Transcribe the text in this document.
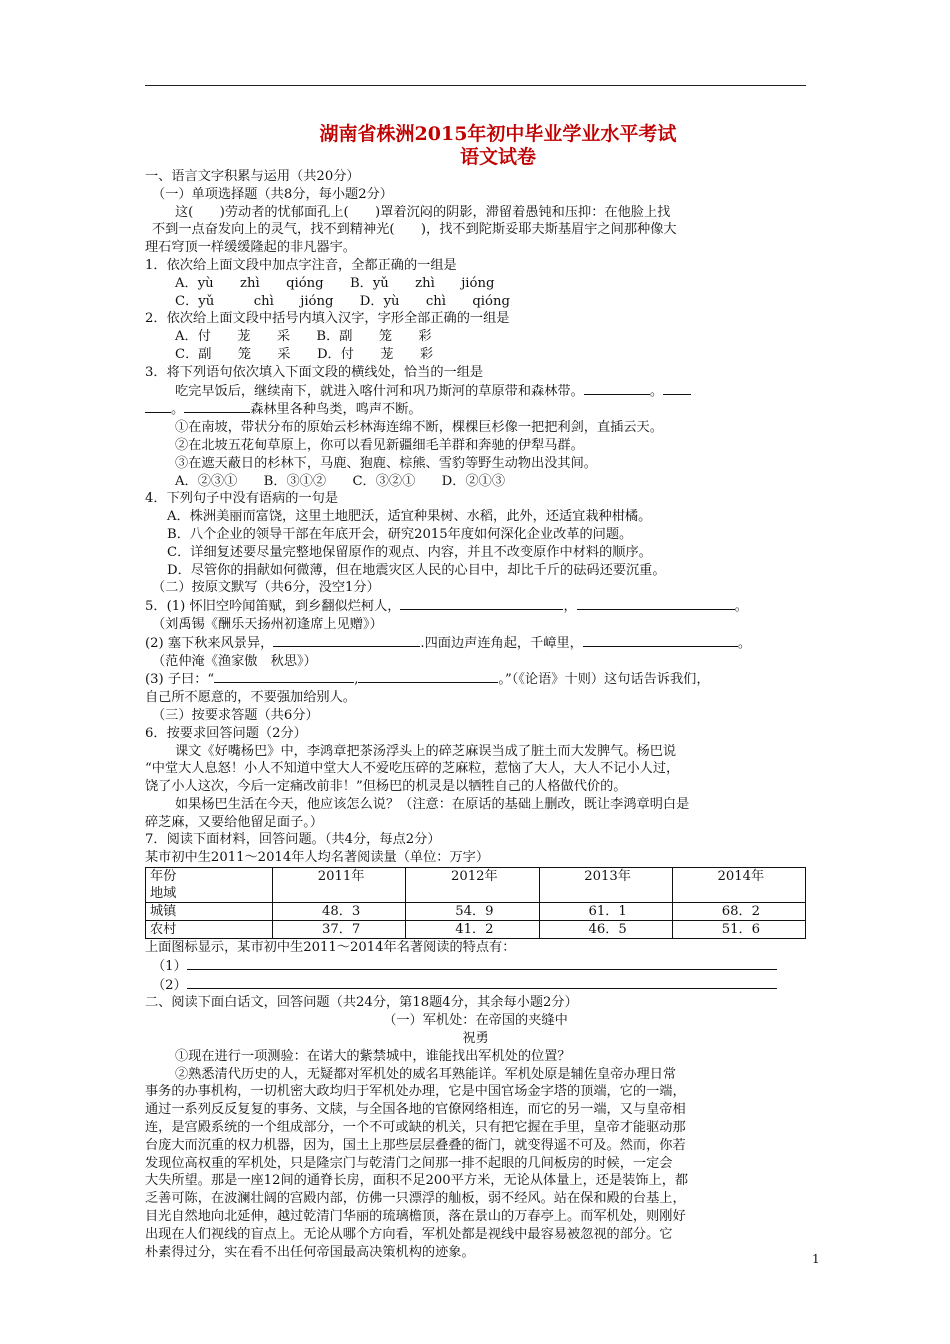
湖南省株洲2015年初中毕业学业水平考试
语文试卷
一、语言文字积累与运用（共20分）
（一）单项选择题（共8分，每小题2分）
这(　　)劳动者的忧郁面孔上(　　)罩着沉闷的阴影，滞留着愚钝和压抑：在他脸上找
不到一点奋发向上的灵气，找不到精神光(　　)，找不到陀斯妥耶夫斯基眉宇之间那种像大
理石穹顶一样缓缓隆起的非凡器宇。
1．依次给上面文段中加点字注音，全都正确的一组是
A．yù　　zhì　　qióng　　B．yǔ　　zhì　　jióng
C．yǔ　　　chì　　jióng　　D．yù　　chì　　qióng
2．依次给上面文段中括号内填入汉字，字形全部正确的一组是
A．付　　茏　　采　　B．副　　笼　　彩
C．副　　笼　　采　　D．付　　茏　　彩
3．将下列语句依次填入下面文段的横线处，恰当的一组是
吃完早饭后，继续南下，就进入喀什河和巩乃斯河的草原带和森林带。	。
。	森林里各种鸟类，鸣声不断。
①在南坡，带状分布的原始云杉林海连绵不断，棵棵巨杉像一把把利剑，直插云天。
②在北坡五花甸草原上，你可以看见新疆细毛羊群和奔驰的伊犁马群。
③在遮天蔽日的杉林下，马鹿、狍鹿、棕熊、雪豹等野生动物出没其间。
A．②③①　　B．③①②　　C．③②①　　D．②①③
4．下列句子中没有语病的一句是
A．株洲美丽而富饶，这里土地肥沃，适宜种果树、水稻，此外，还适宜栽种柑橘。
B．八个企业的领导干部在年底开会，研究2015年度如何深化企业改革的问题。
C．详细复述要尽量完整地保留原作的观点、内容，并且不改变原作中材料的顺序。
D．尽管你的捐献如何微薄，但在地震灾区人民的心目中，却比千斤的砝码还要沉重。
（二）按原文默写（共6分，没空1分）
5．(1) 怀旧空吟闻笛赋，到乡翻似烂柯人，	，	。
（刘禹锡《酬乐天扬州初逢席上见赠》）
(2) 塞下秋来风景异，	.四面边声连角起，千嶂里，	。
（范仲淹《渔家傲　秋思》）
(3) 子曰：“	,	。”（《论语》十则）这句话告诉我们，
自己所不愿意的，不要强加给别人。
（三）按要求答题（共6分）
6．按要求回答问题（2分）
课文《好嘴杨巴》中，李鸿章把茶汤浮头上的碎芝麻误当成了脏土而大发脾气。杨巴说
“中堂大人息怒！小人不知道中堂大人不爱吃压碎的芝麻粒，惹恼了大人，大人不记小人过，
饶了小人这次，今后一定痛改前非！”但杨巴的机灵是以牺牲自己的人格做代价的。
如果杨巴生活在今天，他应该怎么说？（注意：在原话的基础上删改，既让李鸿章明白是
碎芝麻，又要给他留足面子。）
7．阅读下面材料，回答问题。（共4分，每点2分）
某市初中生2011～2014年人均名著阅读量（单位：万字）
年份
地域	2011年	2012年	2013年	2014年
城镇	48．3	54．9	61．1	68．2
农村	37．7	41．2	46．5	51．6
上面图标显示，某市初中生2011～2014年名著阅读的特点有：
（1）
（2）
二、阅读下面白话文，回答问题（共24分，第18题4分，其余每小题2分）
（一）军机处：在帝国的夹缝中
祝勇
①现在进行一项测验：在诺大的紫禁城中，谁能找出军机处的位置？
②熟悉清代历史的人，无疑都对军机处的威名耳熟能详。军机处原是辅佐皇帝办理日常
事务的办事机构，一切机密大政均归于军机处办理，它是中国官场金字塔的顶端，它的一端，
通过一系列反反复复的事务、文牍，与全国各地的官僚网络相连，而它的另一端，又与皇帝相
连，是宫殿系统的一个组成部分，一个不可或缺的机关，只有把它握在手里，皇帝才能驱动那
台庞大而沉重的权力机器，因为，国土上那些层层叠叠的衙门，就变得遥不可及。然而，你若
发现位高权重的军机处，只是隆宗门与乾清门之间那一排不起眼的几间板房的时候，一定会
大失所望。那是一座12间的通脊长房，面积不足200平方米，无论从体量上，还是装饰上，都
乏善可陈，在波澜壮阔的宫殿内部，仿佛一只漂浮的舢板，弱不经风。站在保和殿的台基上，
目光自然地向北延伸，越过乾清门华丽的琉璃檐顶，落在景山的万春亭上。而军机处，则刚好
出现在人们视线的盲点上。无论从哪个方向看，军机处都是视线中最容易被忽视的部分。它
朴素得过分，实在看不出任何帝国最高决策机构的迹象。	1
